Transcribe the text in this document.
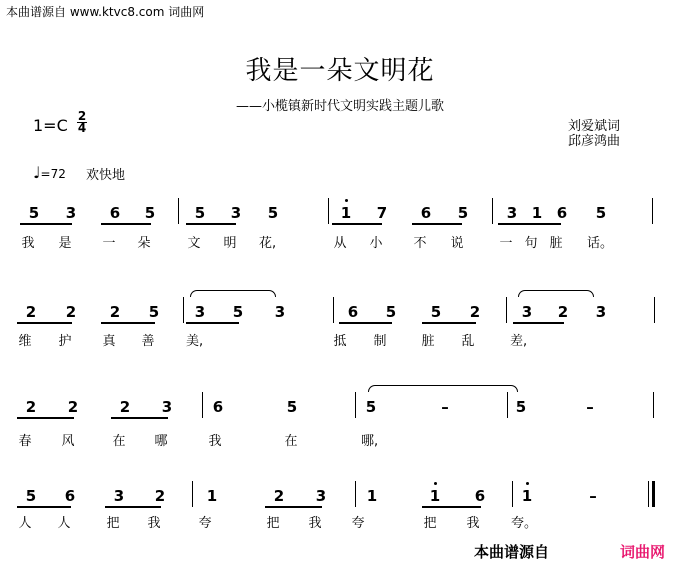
本曲谱源自 www.ktvc8.com 词曲网
我是一朵文明花
——小榄镇新时代文明实践主题儿歌
1=C 2
4	刘爱斌词
邱彦鸿曲
♩=72 欢快地
5 3 6 5	5 3 5	1 7 6 5	3 1 6 5
我 是 一 朵	文 明 花,	从 小 不 说	一 句 脏 话。
2 2 2 5 3 5 3	6 5 5 2	3 2 3
维 护 真 善 美,	抵 制	脏 乱	差,
2 2	2 3	6	5	5	–	5	–
春 风	在 哪	我	在	哪,
5 6	3 2	1	2 3	1	1 6 1	–
人 人	把 我	夸	把 我 夸	把 我 夸。
本曲谱源自	词曲网
